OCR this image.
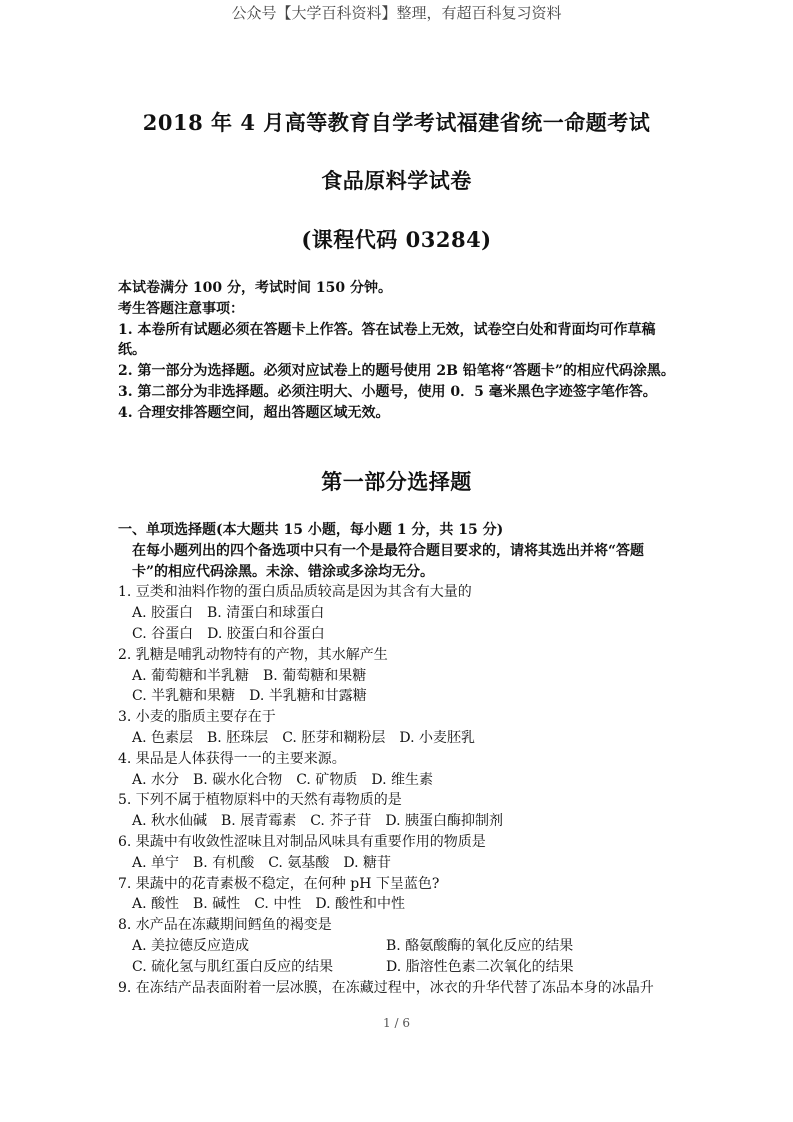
公众号【大学百科资料】整理，有超百科复习资料
2018 年 4 月高等教育自学考试福建省统一命题考试
食品原料学试卷
(课程代码 03284)
本试卷满分 100 分，考试时间 150 分钟。
考生答题注意事项：
1. 本卷所有试题必须在答题卡上作答。答在试卷上无效，试卷空白处和背面均可作草稿纸。
2. 第一部分为选择题。必须对应试卷上的题号使用 2B 铅笔将“答题卡”的相应代码涂黑。
3. 第二部分为非选择题。必须注明大、小题号，使用 0．5 毫米黑色字迹签字笔作答。
4. 合理安排答题空间，超出答题区域无效。
第一部分选择题
一、单项选择题(本大题共 15 小题，每小题 1 分，共 15 分)
在每小题列出的四个备选项中只有一个是最符合题目要求的，请将其选出并将“答题卡”的相应代码涂黑。未涂、错涂或多涂均无分。
1. 豆类和油料作物的蛋白质品质较高是因为其含有大量的
A. 胶蛋白 B. 清蛋白和球蛋白
C. 谷蛋白 D. 胶蛋白和谷蛋白
2. 乳糖是哺乳动物特有的产物，其水解产生
A. 葡萄糖和半乳糖 B. 葡萄糖和果糖
C. 半乳糖和果糖 D. 半乳糖和甘露糖
3. 小麦的脂质主要存在于
A. 色素层 B. 胚珠层 C. 胚芽和糊粉层 D. 小麦胚乳
4. 果品是人体获得一一的主要来源。
A. 水分 B. 碳水化合物 C. 矿物质 D. 维生素
5. 下列不属于植物原料中的天然有毒物质的是
A. 秋水仙碱 B. 展青霉素 C. 芥子苷 D. 胰蛋白酶抑制剂
6. 果蔬中有收敛性涩味且对制品风味具有重要作用的物质是
A. 单宁 B. 有机酸 C. 氨基酸 D. 糖苷
7. 果蔬中的花青素极不稳定，在何种 pH 下呈蓝色?
A. 酸性 B. 碱性 C. 中性 D. 酸性和中性
8. 水产品在冻藏期间鳕鱼的褐变是
A. 美拉德反应造成	B. 酪氨酸酶的氧化反应的结果
C. 硫化氢与肌红蛋白反应的结果	D. 脂溶性色素二次氧化的结果
9. 在冻结产品表面附着一层冰膜，在冻藏过程中，冰衣的升华代替了冻品本身的冰晶升
1 / 6
